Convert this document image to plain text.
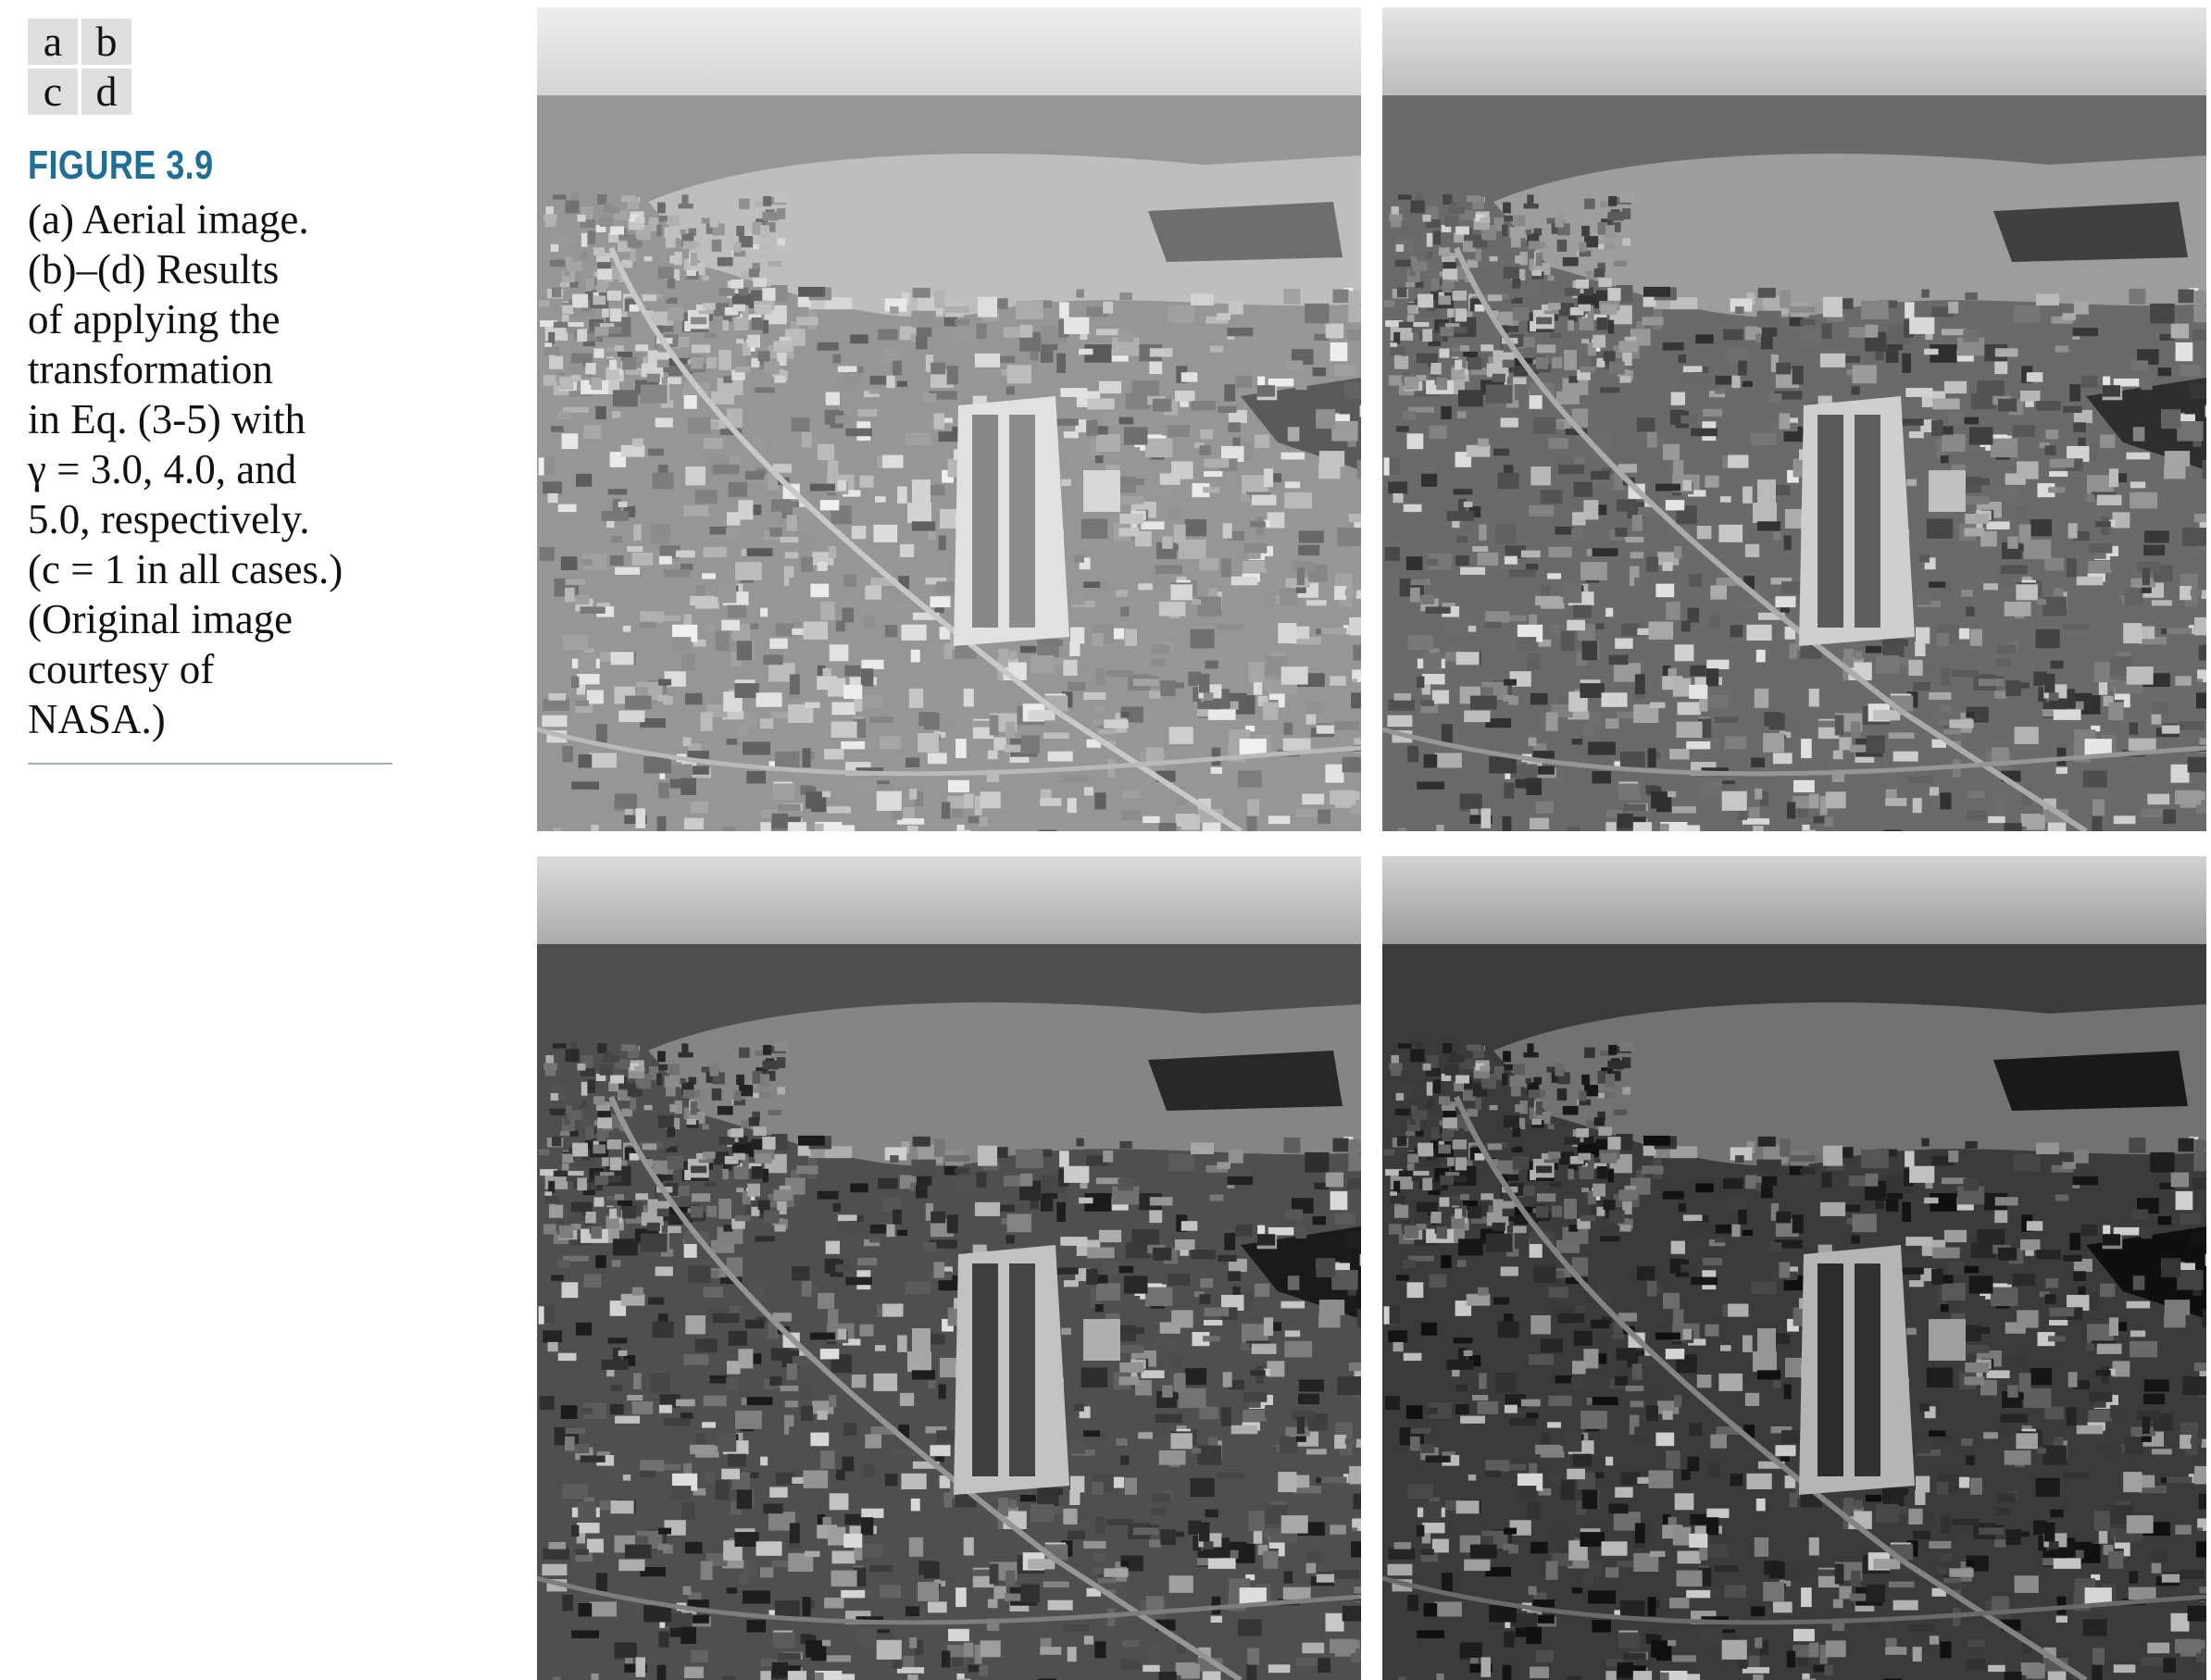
a b
c d
FIGURE 3.9
(a) Aerial image.
(b)–(d) Results
of applying the
transformation
in Eq. (3-5) with
γ = 3.0, 4.0, and
5.0, respectively.
(c = 1 in all cases.)
(Original image
courtesy of
NASA.)
